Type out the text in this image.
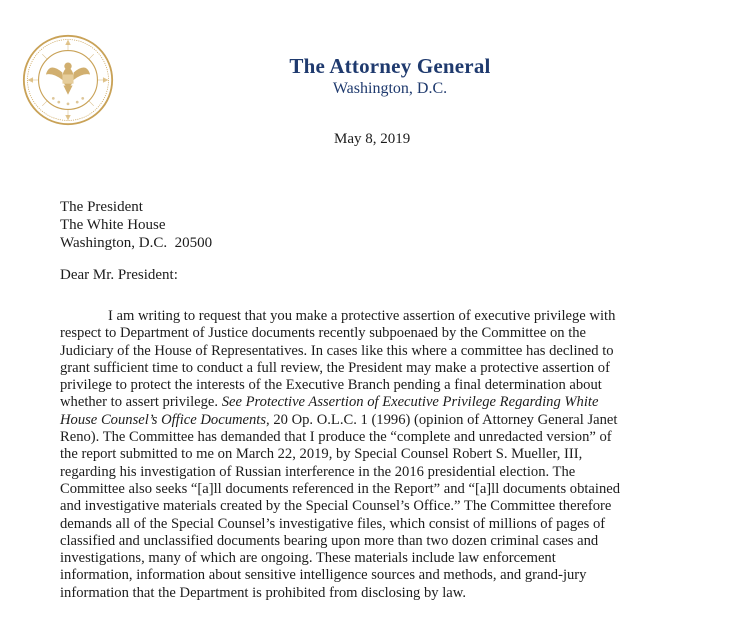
The Attorney General
Washington, D.C.
May 8, 2019
The President
The White House
Washington, D.C.  20500
Dear Mr. President:
I am writing to request that you make a protective assertion of executive privilege with
respect to Department of Justice documents recently subpoenaed by the Committee on the
Judiciary of the House of Representatives. In cases like this where a committee has declined to
grant sufficient time to conduct a full review, the President may make a protective assertion of
privilege to protect the interests of the Executive Branch pending a final determination about
whether to assert privilege. See Protective Assertion of Executive Privilege Regarding White
House Counsel’s Office Documents, 20 Op. O.L.C. 1 (1996) (opinion of Attorney General Janet
Reno). The Committee has demanded that I produce the “complete and unredacted version” of
the report submitted to me on March 22, 2019, by Special Counsel Robert S. Mueller, III,
regarding his investigation of Russian interference in the 2016 presidential election. The
Committee also seeks “[a]ll documents referenced in the Report” and “[a]ll documents obtained
and investigative materials created by the Special Counsel’s Office.” The Committee therefore
demands all of the Special Counsel’s investigative files, which consist of millions of pages of
classified and unclassified documents bearing upon more than two dozen criminal cases and
investigations, many of which are ongoing. These materials include law enforcement
information, information about sensitive intelligence sources and methods, and grand-jury
information that the Department is prohibited from disclosing by law.
